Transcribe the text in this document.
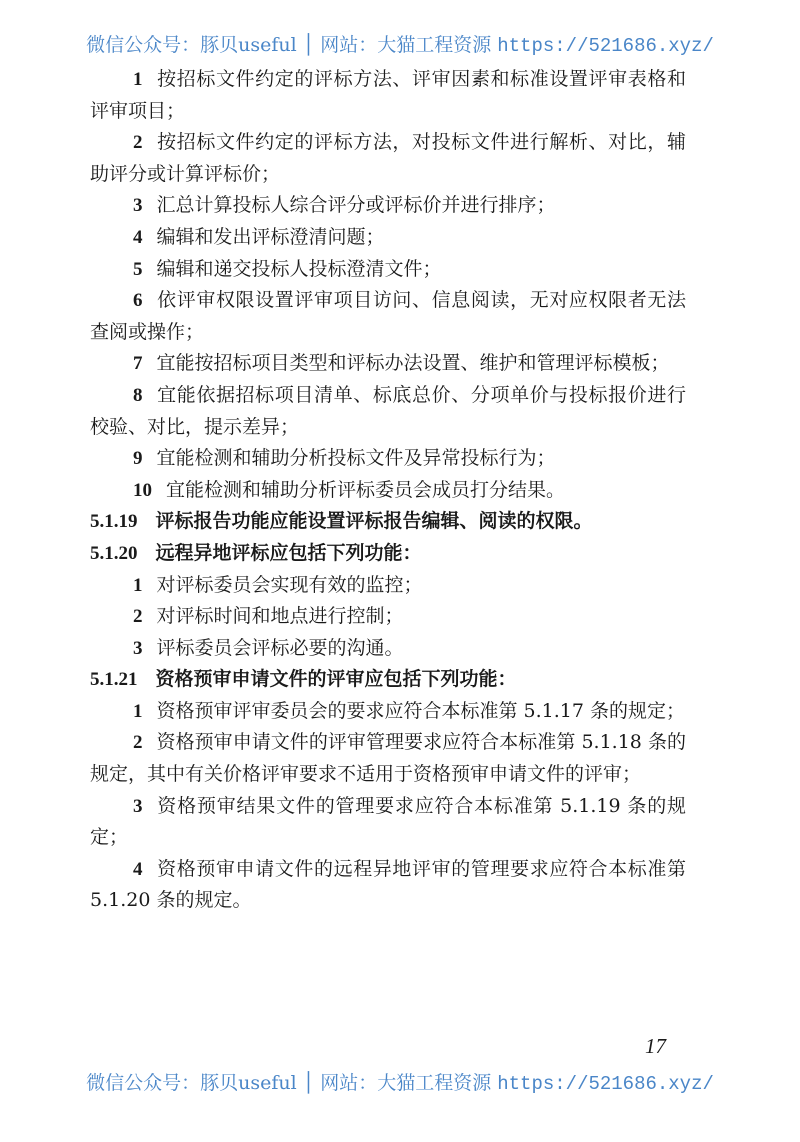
微信公众号：豚贝useful │ 网站：大猫工程资源 https://521686.xyz/

1 按招标文件约定的评标方法、评审因素和标准设置评审表格和评审项目；

2 按招标文件约定的评标方法，对投标文件进行解析、对比，辅助评分或计算评标价；

3 汇总计算投标人综合评分或评标价并进行排序；

4 编辑和发出评标澄清问题；

5 编辑和递交投标人投标澄清文件；

6 依评审权限设置评审项目访问、信息阅读，无对应权限者无法查阅或操作；

7 宜能按招标项目类型和评标办法设置、维护和管理评标模板；

8 宜能依据招标项目清单、标底总价、分项单价与投标报价进行校验、对比，提示差异；

9 宜能检测和辅助分析投标文件及异常投标行为；

10 宜能检测和辅助分析评标委员会成员打分结果。

5.1.19 评标报告功能应能设置评标报告编辑、阅读的权限。

5.1.20 远程异地评标应包括下列功能：

1 对评标委员会实现有效的监控；

2 对评标时间和地点进行控制；

3 评标委员会评标必要的沟通。

5.1.21 资格预审申请文件的评审应包括下列功能：

1 资格预审评审委员会的要求应符合本标准第 5.1.17 条的规定；

2 资格预审申请文件的评审管理要求应符合本标准第 5.1.18 条的规定，其中有关价格评审要求不适用于资格预审申请文件的评审；

3 资格预审结果文件的管理要求应符合本标准第 5.1.19 条的规定；

4 资格预审申请文件的远程异地评审的管理要求应符合本标准第 5.1.20 条的规定。

17
微信公众号：豚贝useful │ 网站：大猫工程资源 https://521686.xyz/
